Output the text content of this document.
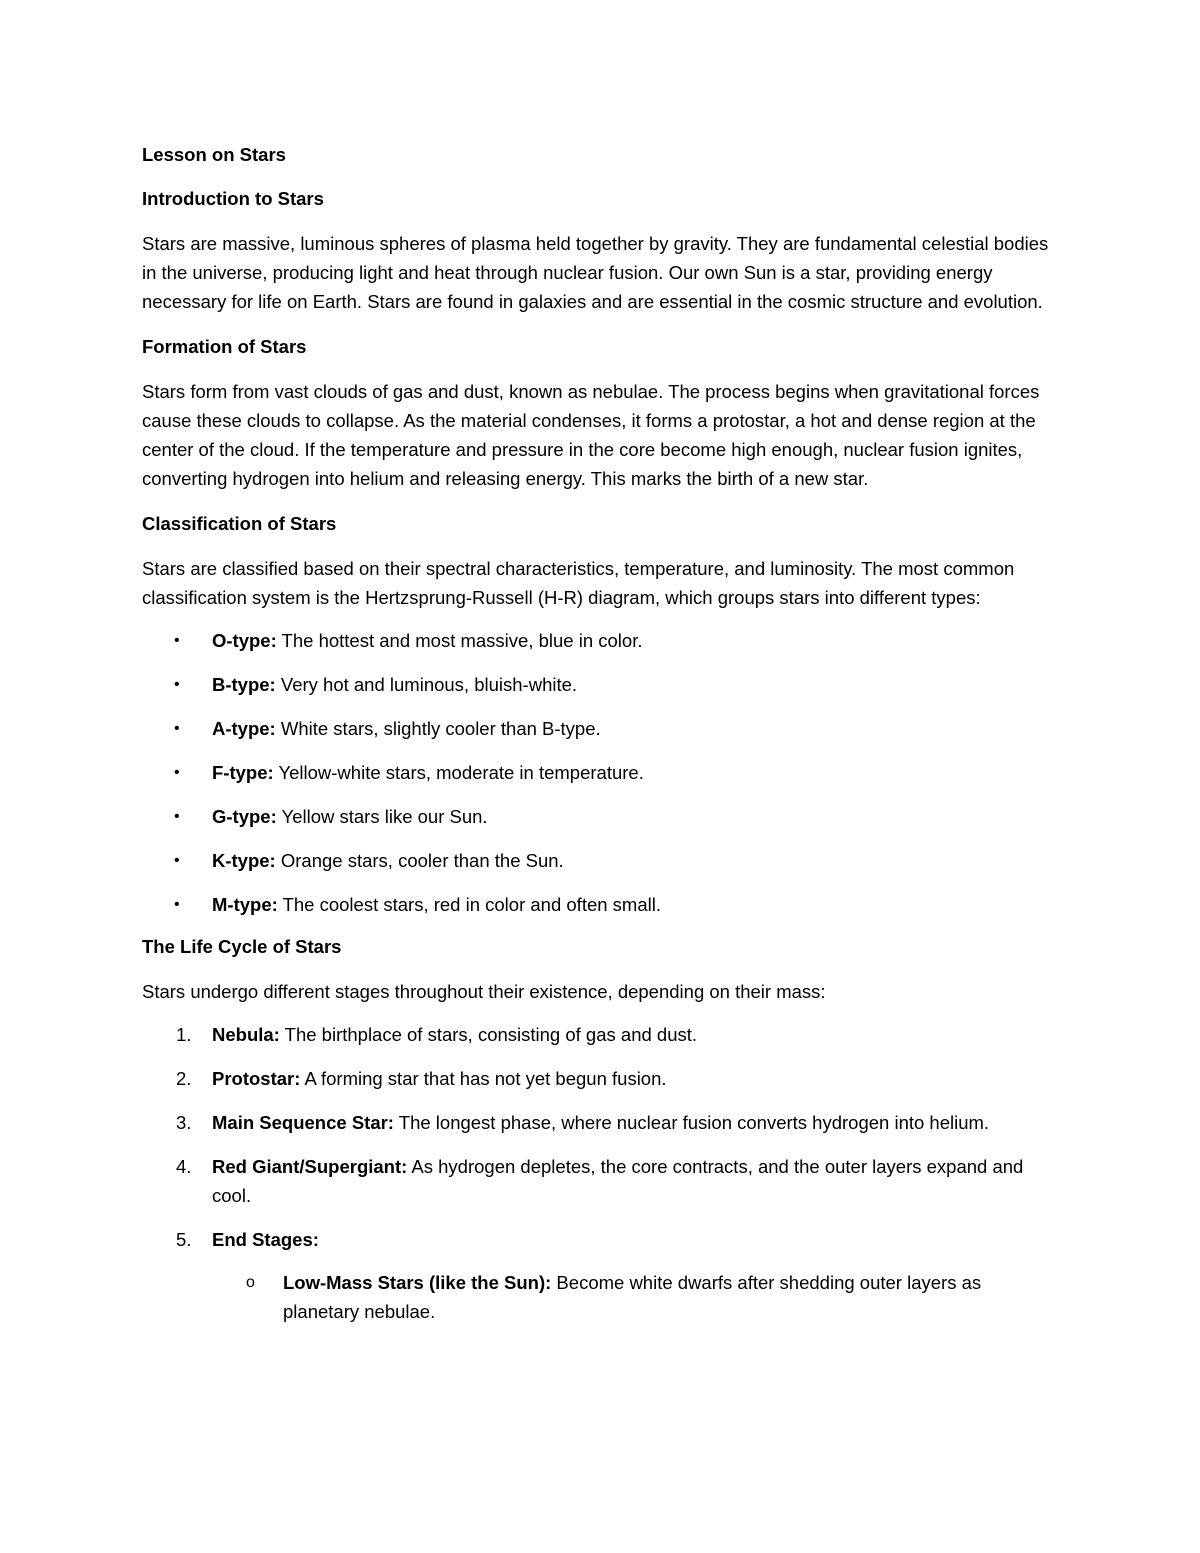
Lesson on Stars

Introduction to Stars

Stars are massive, luminous spheres of plasma held together by gravity. They are fundamental celestial bodies in the universe, producing light and heat through nuclear fusion. Our own Sun is a star, providing energy necessary for life on Earth. Stars are found in galaxies and are essential in the cosmic structure and evolution.

Formation of Stars

Stars form from vast clouds of gas and dust, known as nebulae. The process begins when gravitational forces cause these clouds to collapse. As the material condenses, it forms a protostar, a hot and dense region at the center of the cloud. If the temperature and pressure in the core become high enough, nuclear fusion ignites, converting hydrogen into helium and releasing energy. This marks the birth of a new star.

Classification of Stars

Stars are classified based on their spectral characteristics, temperature, and luminosity. The most common classification system is the Hertzsprung-Russell (H-R) diagram, which groups stars into different types:

• O-type: The hottest and most massive, blue in color.
• B-type: Very hot and luminous, bluish-white.
• A-type: White stars, slightly cooler than B-type.
• F-type: Yellow-white stars, moderate in temperature.
• G-type: Yellow stars like our Sun.
• K-type: Orange stars, cooler than the Sun.
• M-type: The coolest stars, red in color and often small.

The Life Cycle of Stars

Stars undergo different stages throughout their existence, depending on their mass:

1. Nebula: The birthplace of stars, consisting of gas and dust.
2. Protostar: A forming star that has not yet begun fusion.
3. Main Sequence Star: The longest phase, where nuclear fusion converts hydrogen into helium.
4. Red Giant/Supergiant: As hydrogen depletes, the core contracts, and the outer layers expand and cool.
5. End Stages:
o Low-Mass Stars (like the Sun): Become white dwarfs after shedding outer layers as planetary nebulae.
